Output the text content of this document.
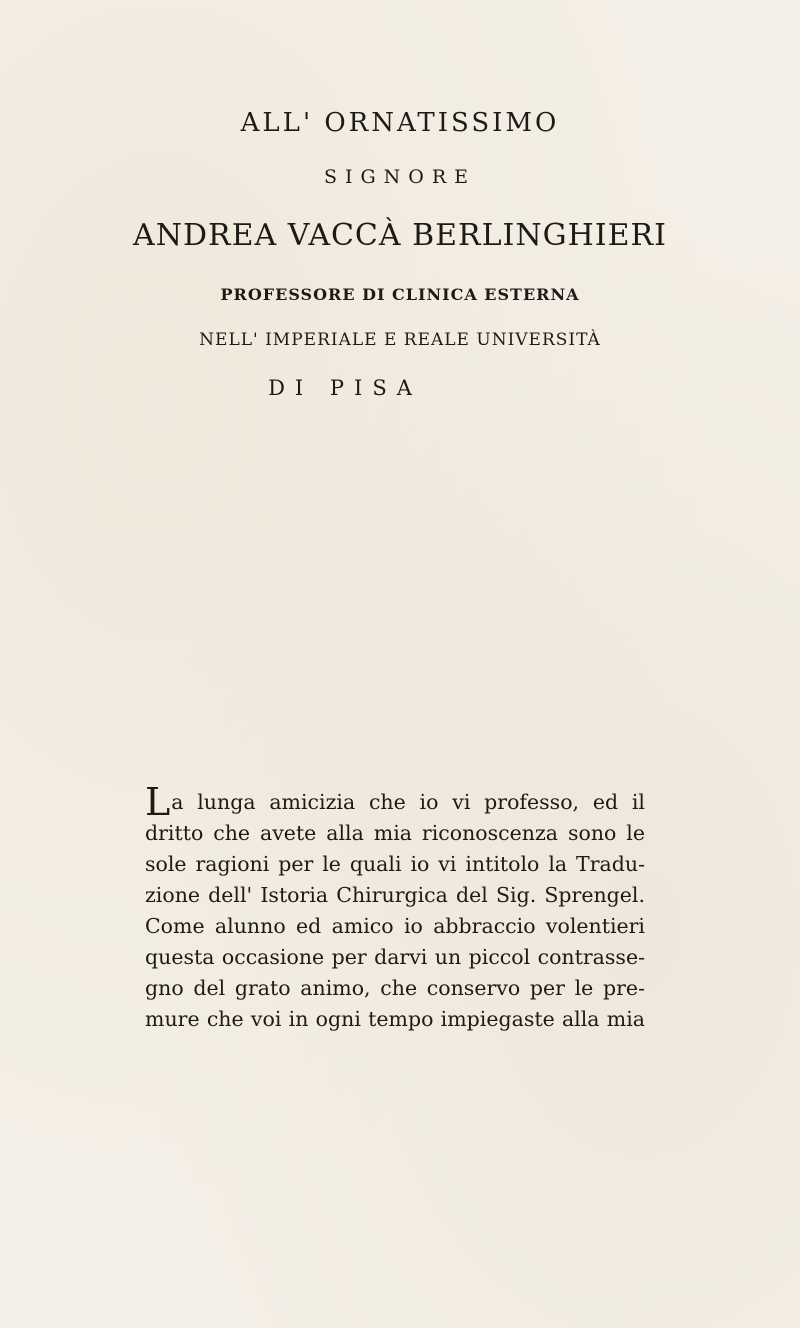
ALL' ORNATISSIMO
SIGNORE
ANDREA VACCÀ BERLINGHIERI
PROFESSORE DI CLINICA ESTERNA
NELL' IMPERIALE E REALE UNIVERSITÀ
DI PISA
La lunga amicizia che io vi professo, ed il
dritto che avete alla mia riconoscenza sono le
sole ragioni per le quali io vi intitolo la Tradu-
zione dell' Istoria Chirurgica del Sig. Sprengel.
Come alunno ed amico io abbraccio volentieri
questa occasione per darvi un piccol contrasse-
gno del grato animo, che conservo per le pre-
mure che voi in ogni tempo impiegaste alla mia
